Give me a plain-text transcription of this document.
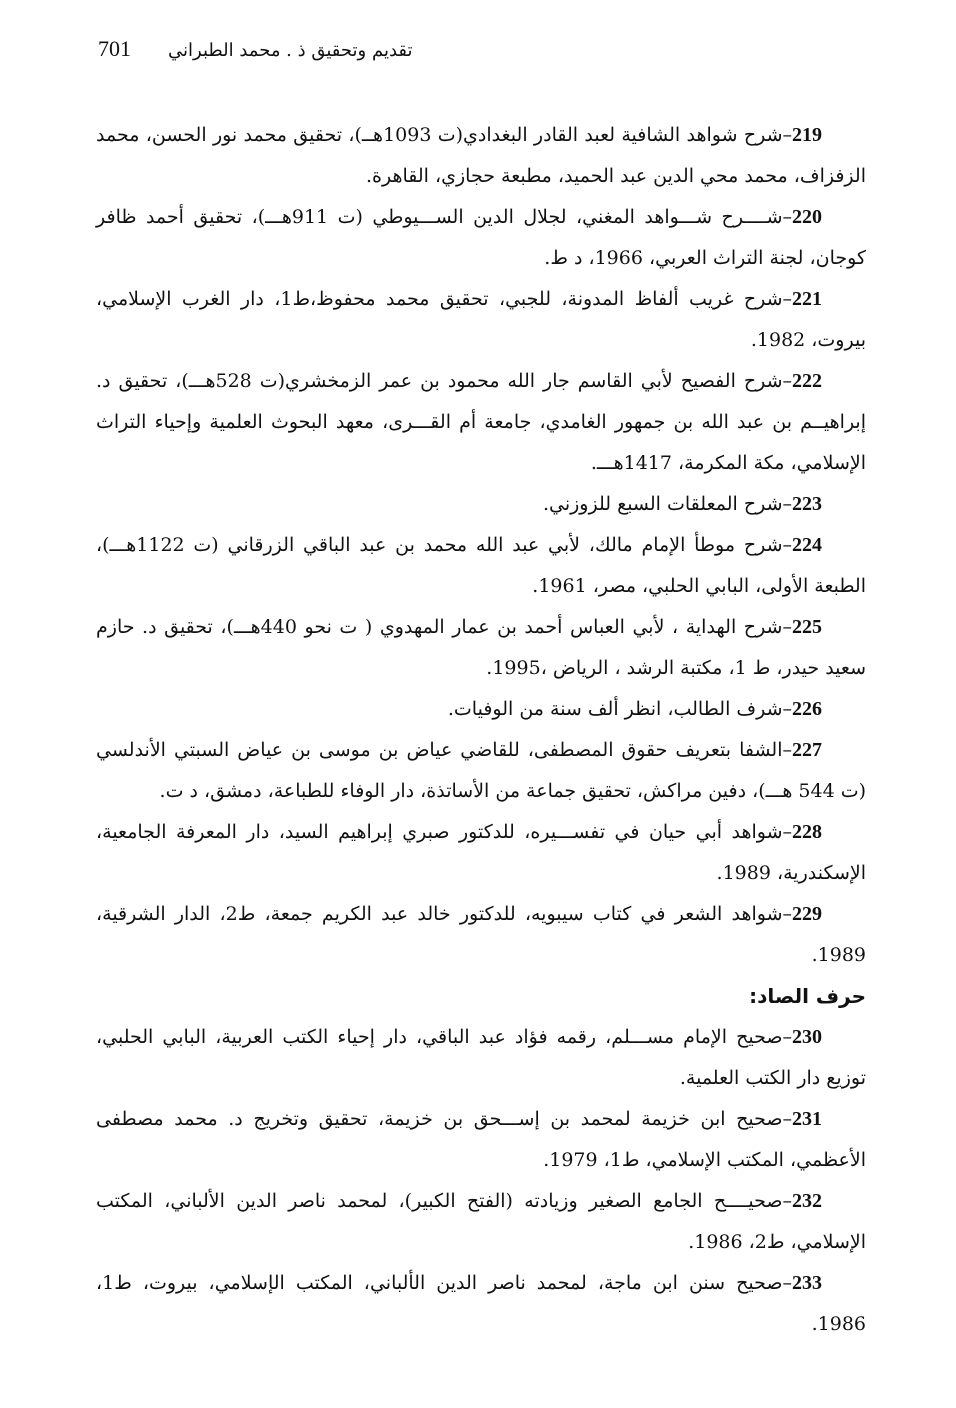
701 تقديم وتحقيق ذ . محمد الطبراني

219–شرح شواهد الشافية لعبد القادر البغدادي(ت 1093هــ)، تحقيق محمد نور الحسن، محمد الزفزاف، محمد محي الدين عبد الحميد، مطبعة حجازي، القاهرة.

220–شــــرح شـــواهد المغني، لجلال الدين الســـيوطي (ت 911هـــ)، تحقيق أحمد ظافر كوجان، لجنة التراث العربي، 1966، د ط.

221–شرح غريب ألفاظ المدونة، للجبي، تحقيق محمد محفوظ،ط1، دار الغرب الإسلامي، بيروت، 1982.

222–شرح الفصيح لأبي القاسم جار الله محمود بن عمر الزمخشري(ت 528هـــ)، تحقيق د. إبراهيــم بن عبد الله بن جمهور الغامدي، جامعة أم القـــرى، معهد البحوث العلمية وإحياء التراث الإسلامي، مكة المكرمة، 1417هـــ.

223–شرح المعلقات السبع للزوزني.

224–شرح موطأ الإمام مالك، لأبي عبد الله محمد بن عبد الباقي الزرقاني (ت 1122هـــ)، الطبعة الأولى، البابي الحلبي، مصر، 1961.

225–شرح الهداية ، لأبي العباس أحمد بن عمار المهدوي ( ت نحو 440هـــ)، تحقيق د. حازم سعيد حيدر، ط 1، مكتبة الرشد ، الرياض ،1995.

226–شرف الطالب، انظر ألف سنة من الوفيات.

227–الشفا بتعريف حقوق المصطفى، للقاضي عياض بن موسى بن عياض السبتي الأندلسي (ت 544 هـــ)، دفين مراكش، تحقيق جماعة من الأساتذة، دار الوفاء للطباعة، دمشق، د ت.

228–شواهد أبي حيان في تفســـيره، للدكتور صبري إبراهيم السيد، دار المعرفة الجامعية، الإسكندرية، 1989.

229–شواهد الشعر في كتاب سيبويه، للدكتور خالد عبد الكريم جمعة، ط2، الدار الشرقية، 1989.

حرف الصاد:

230–صحيح الإمام مســـلم، رقمه فؤاد عبد الباقي، دار إحياء الكتب العربية، البابي الحلبي، توزيع دار الكتب العلمية.

231–صحيح ابن خزيمة لمحمد بن إســـحق بن خزيمة، تحقيق وتخريج د. محمد مصطفى الأعظمي، المكتب الإسلامي، ط1، 1979.

232–صحيــــح الجامع الصغير وزيادته (الفتح الكبير)، لمحمد ناصر الدين الألباني، المكتب الإسلامي، ط2، 1986.

233–صحيح سنن ابن ماجة، لمحمد ناصر الدين الألباني، المكتب الإسلامي، بيروت، ط1، 1986.
